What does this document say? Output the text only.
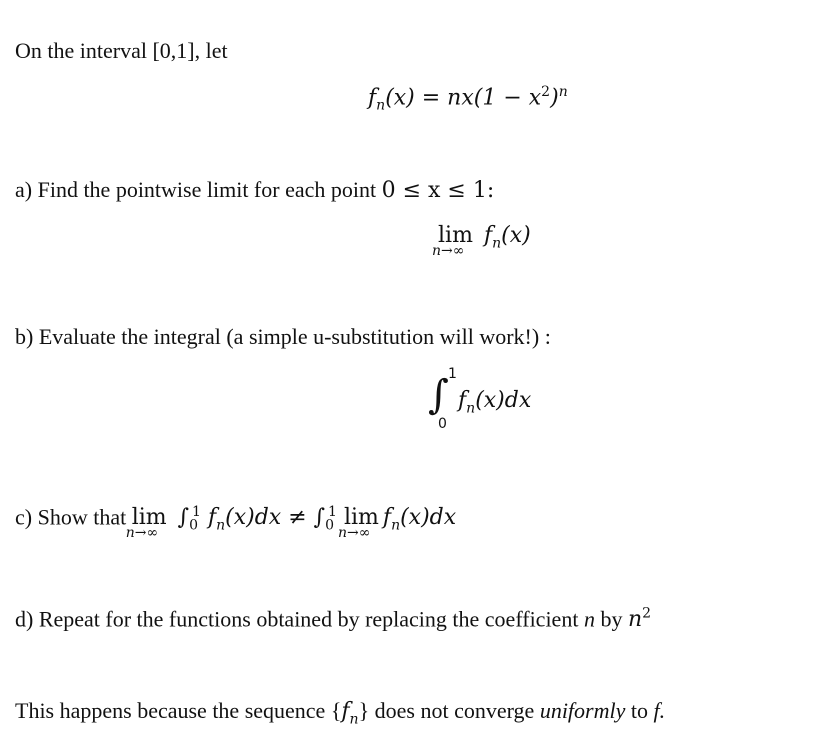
On the interval [0,1], let
$f_n(x) = nx(1 - x^2)^n$
a) Find the pointwise limit for each point 0 ≤ x ≤ 1:
lim
n→∞
$f_n(x)$
b) Evaluate the integral (a simple u-substitution will work!) :
∫ 1
0
$f_n(x)dx$
c) Show that lim
n→∞
$\int_0^1$ $f_n(x)dx \ne \int_0^1$ lim
n→∞
$f_n(x)dx$
d) Repeat for the functions obtained by replacing the coefficient n by $n^2$
This happens because the sequence $\{f_n\}$ does not converge uniformly to f.
